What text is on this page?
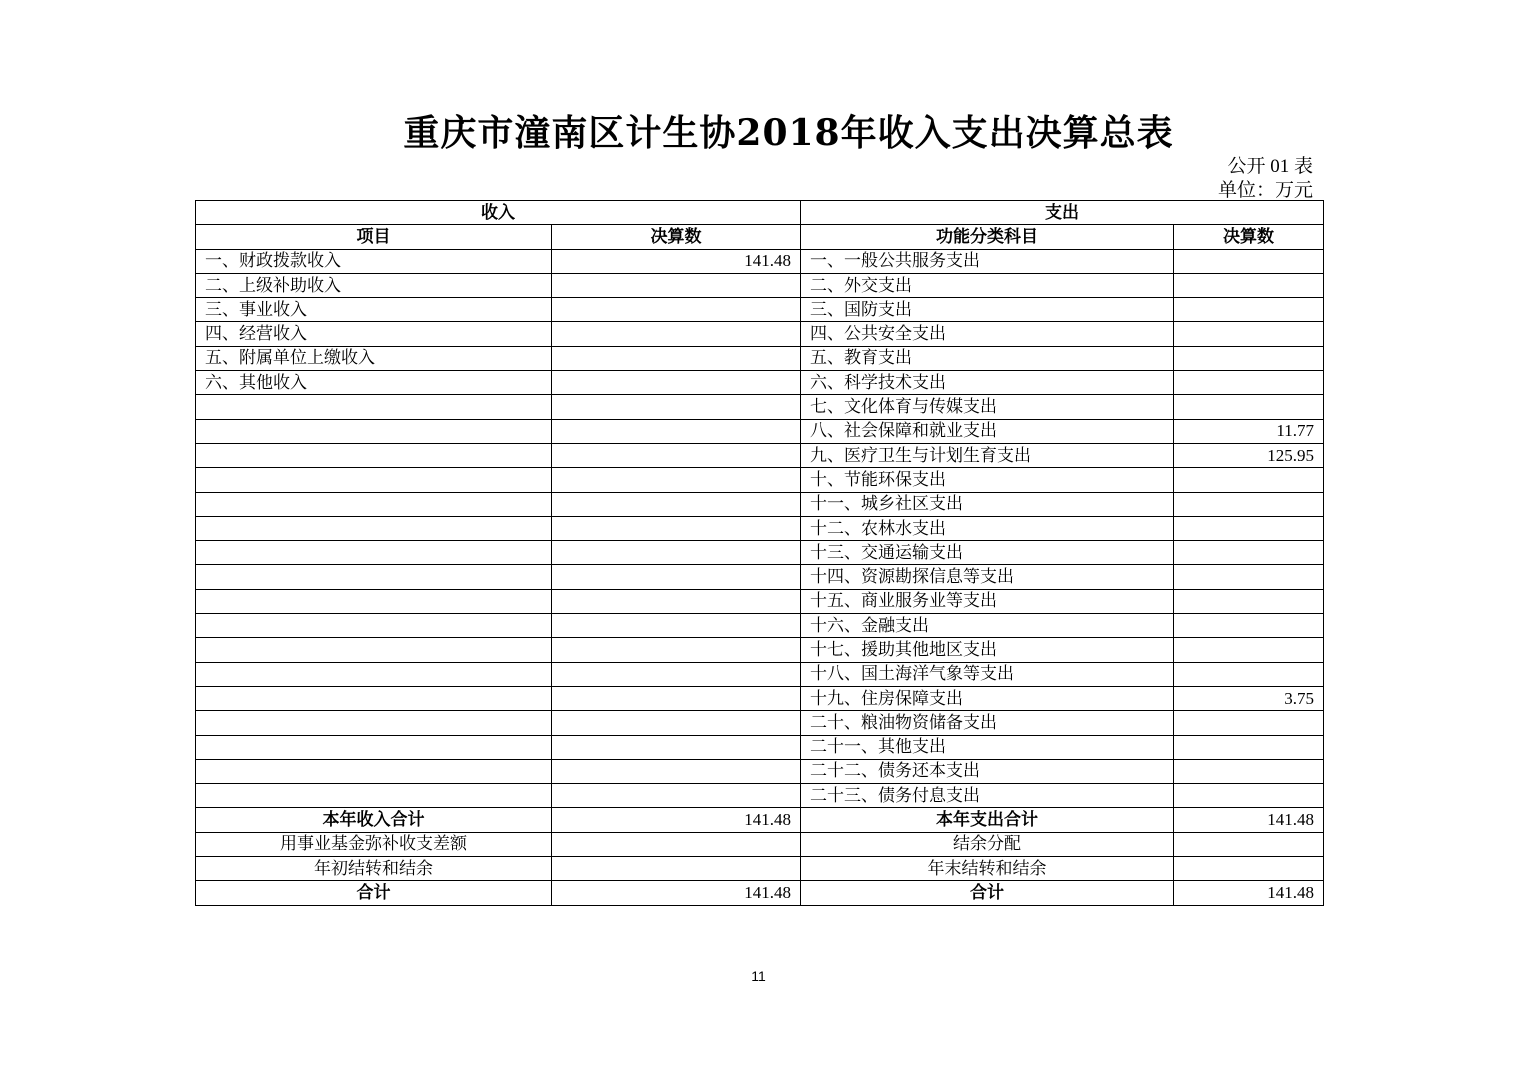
重庆市潼南区计生协2018年收入支出决算总表
公开 01 表
单位：万元
收入		支出	
项目	决算数	功能分类科目	决算数
一、财政拨款收入	141.48	一、一般公共服务支出	
二、上级补助收入		二、外交支出	
三、事业收入		三、国防支出	
四、经营收入		四、公共安全支出	
五、附属单位上缴收入		五、教育支出	
六、其他收入		六、科学技术支出	
		七、文化体育与传媒支出	
		八、社会保障和就业支出	11.77
		九、医疗卫生与计划生育支出	125.95
		十、节能环保支出	
		十一、城乡社区支出	
		十二、农林水支出	
		十三、交通运输支出	
		十四、资源勘探信息等支出	
		十五、商业服务业等支出	
		十六、金融支出	
		十七、援助其他地区支出	
		十八、国土海洋气象等支出	
		十九、住房保障支出	3.75
		二十、粮油物资储备支出	
		二十一、其他支出	
		二十二、债务还本支出	
		二十三、债务付息支出	
本年收入合计	141.48	本年支出合计	141.48
用事业基金弥补收支差额		结余分配	
年初结转和结余		年末结转和结余	
合计	141.48	合计	141.48
11
